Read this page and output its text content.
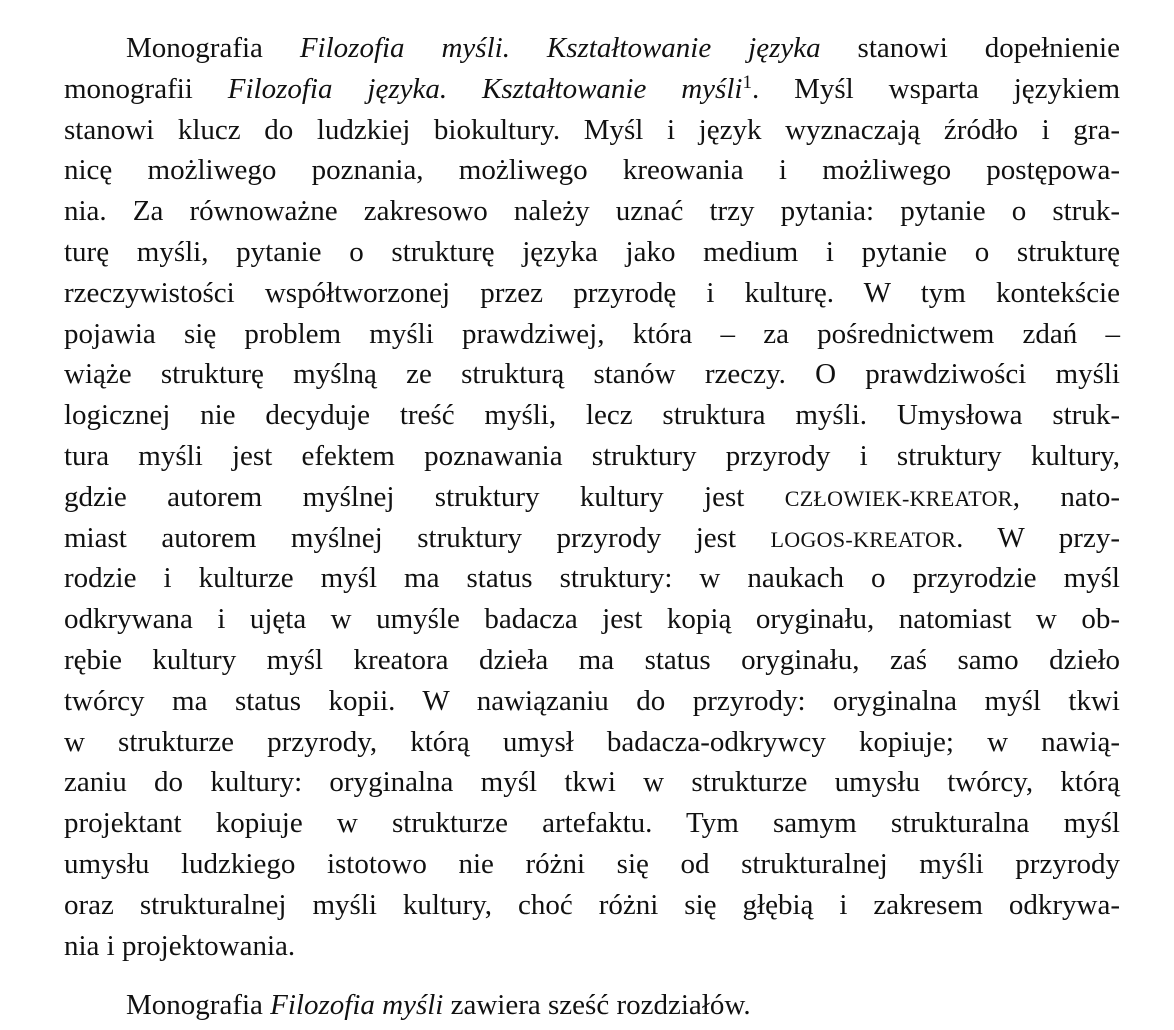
Monografia Filozofia myśli. Kształtowanie języka stanowi dopełnienie
monografii Filozofia języka. Kształtowanie myśli$^1$. Myśl wsparta językiem
stanowi klucz do ludzkiej biokultury. Myśl i język wyznaczają źródło i gra-
nicę możliwego poznania, możliwego kreowania i możliwego postępowa-
nia. Za równoważne zakresowo należy uznać trzy pytania: pytanie o struk-
turę myśli, pytanie o strukturę języka jako medium i pytanie o strukturę
rzeczywistości współtworzonej przez przyrodę i kulturę. W tym kontekście
pojawia się problem myśli prawdziwej, która – za pośrednictwem zdań –
wiąże strukturę myślną ze strukturą stanów rzeczy. O prawdziwości myśli
logicznej nie decyduje treść myśli, lecz struktura myśli. Umysłowa struk-
tura myśli jest efektem poznawania struktury przyrody i struktury kultury,
gdzie autorem myślnej struktury kultury jest CZŁOWIEK-KREATOR, nato-
miast autorem myślnej struktury przyrody jest LOGOS-KREATOR. W przy-
rodzie i kulturze myśl ma status struktury: w naukach o przyrodzie myśl
odkrywana i ujęta w umyśle badacza jest kopią oryginału, natomiast w ob-
rębie kultury myśl kreatora dzieła ma status oryginału, zaś samo dzieło
twórcy ma status kopii. W nawiązaniu do przyrody: oryginalna myśl tkwi
w strukturze przyrody, którą umysł badacza-odkrywcy kopiuje; w nawią-
zaniu do kultury: oryginalna myśl tkwi w strukturze umysłu twórcy, którą
projektant kopiuje w strukturze artefaktu. Tym samym strukturalna myśl
umysłu ludzkiego istotowo nie różni się od strukturalnej myśli przyrody
oraz strukturalnej myśli kultury, choć różni się głębią i zakresem odkrywa-
nia i projektowania.
Monografia Filozofia myśli zawiera sześć rozdziałów.
